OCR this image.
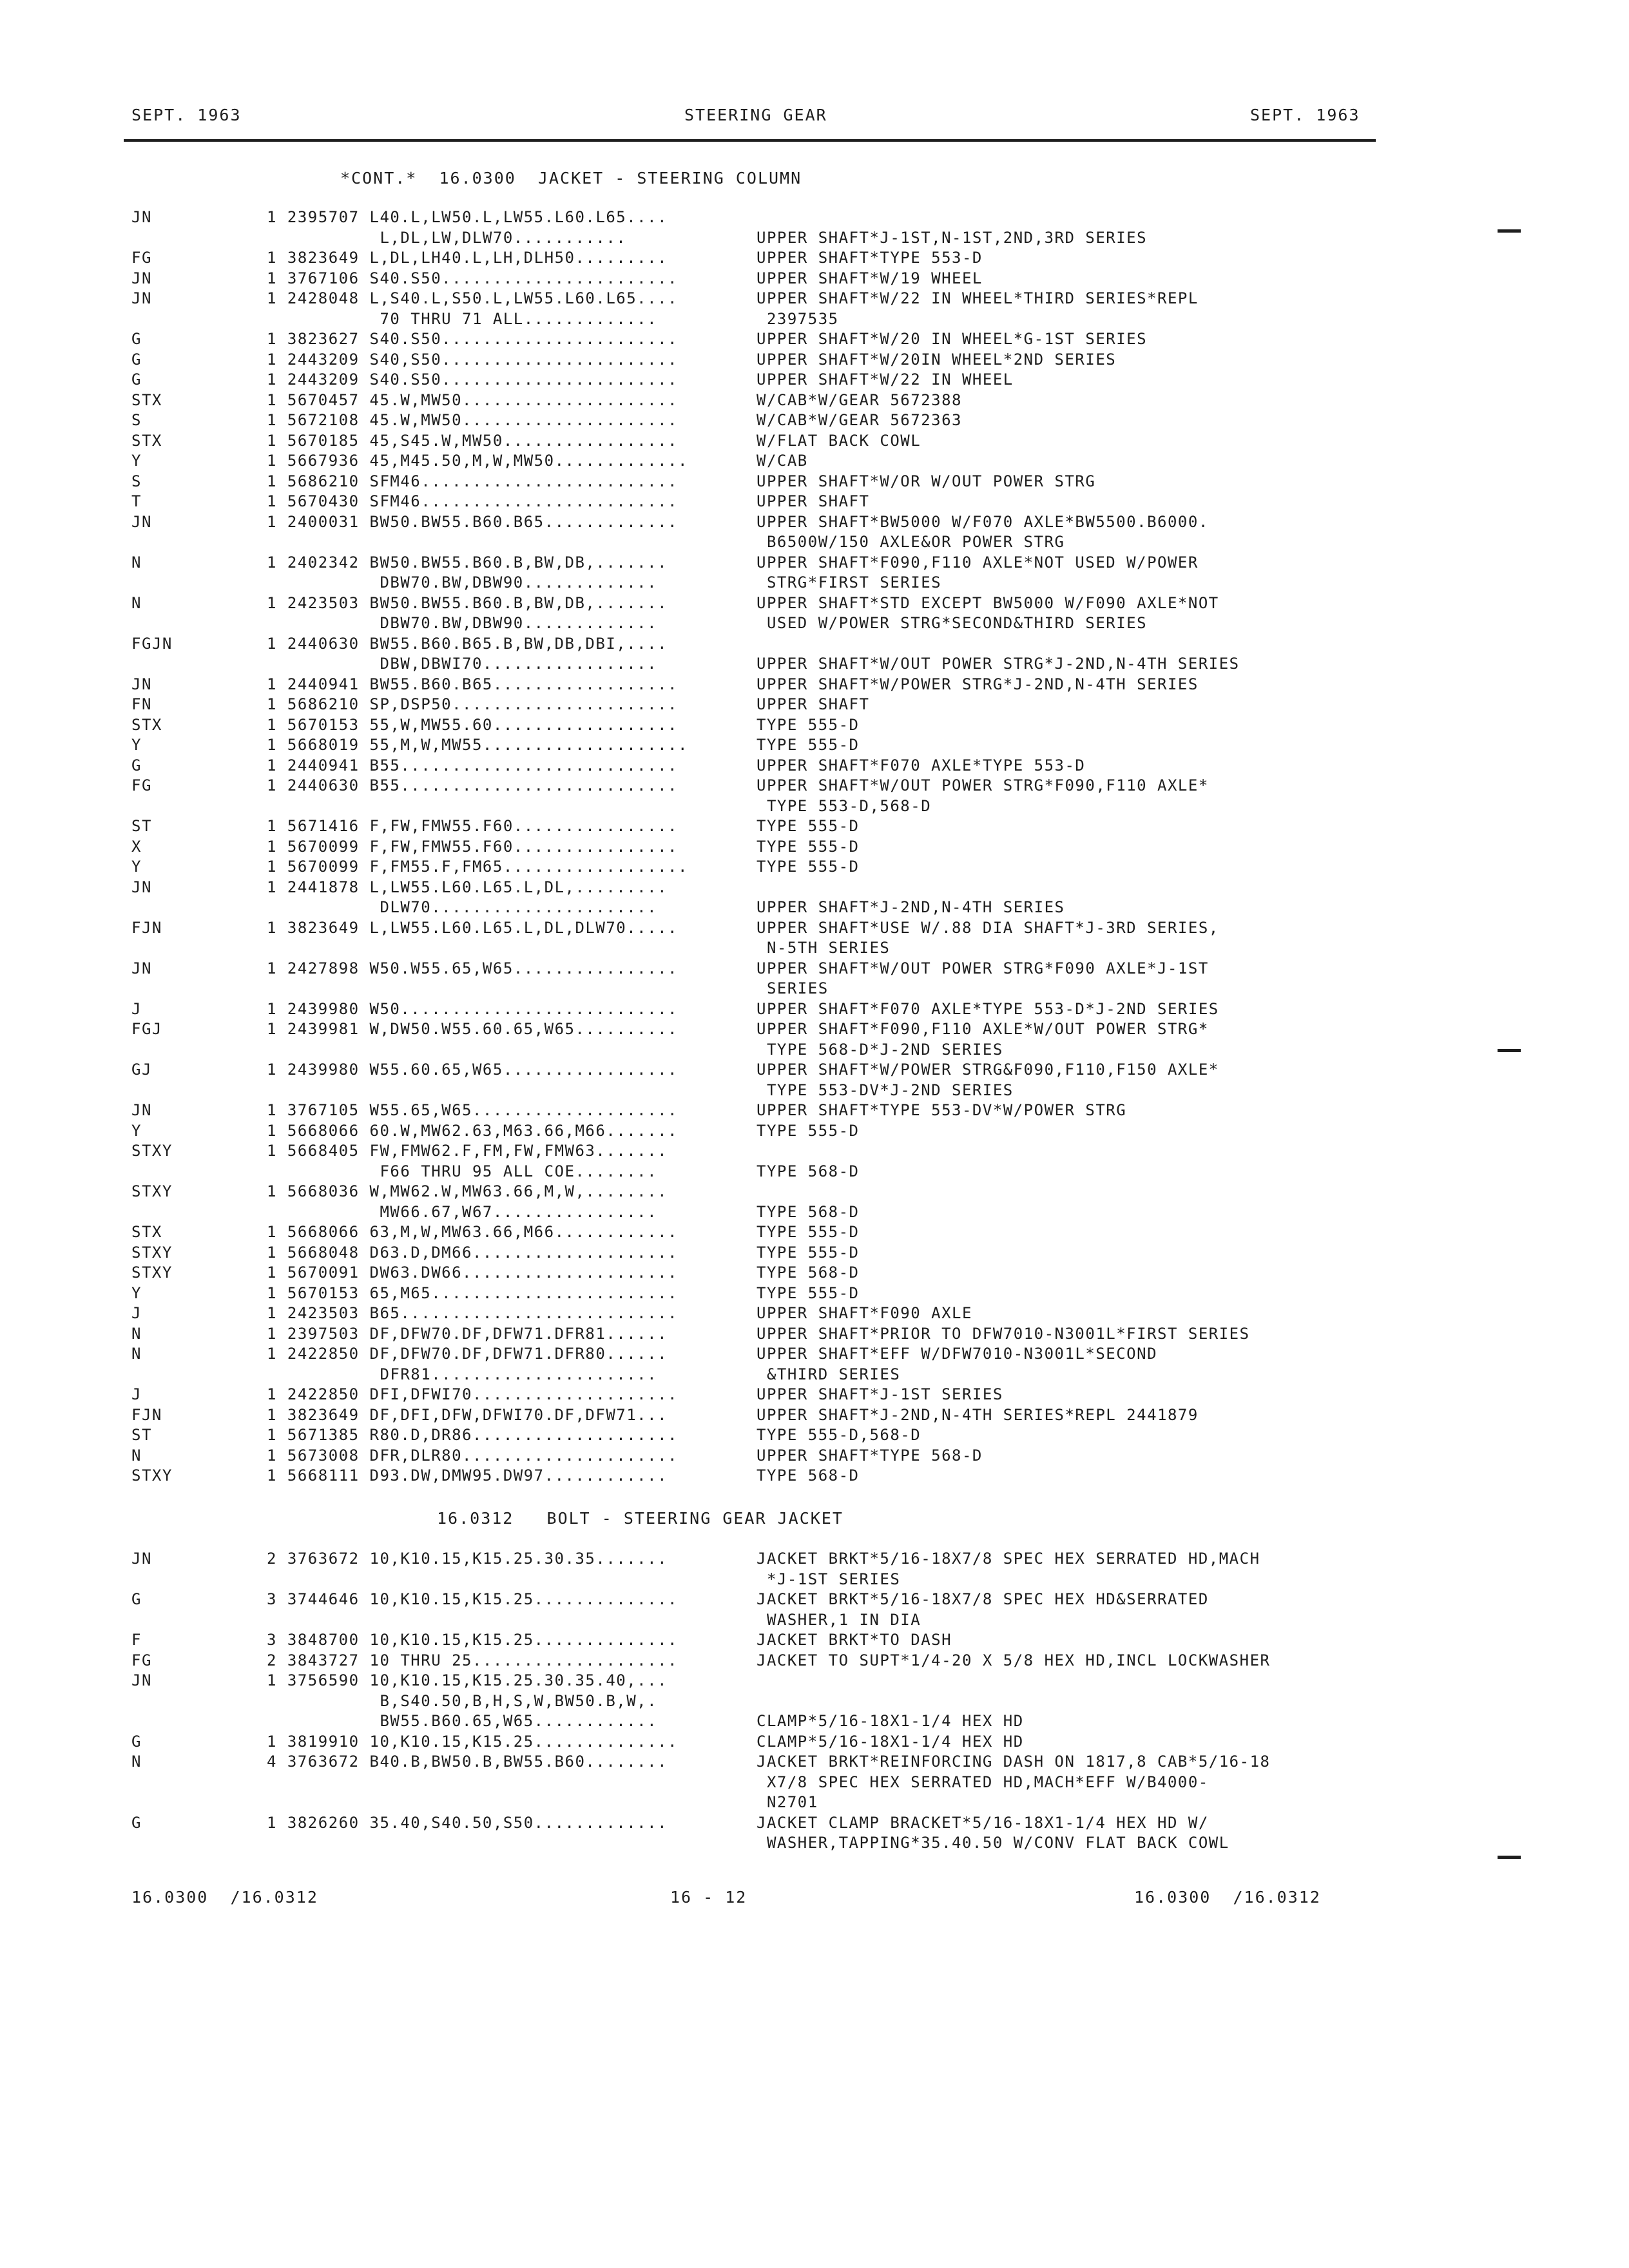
SEPT. 1963	STEERING GEAR	SEPT. 1963
*CONT.*  16.0300  JACKET - STEERING COLUMN
JN	1 2395707 L40.L,LW50.L,LW55.L60.L65....
L,DL,LW,DLW70...........	UPPER SHAFT*J-1ST,N-1ST,2ND,3RD SERIES
FG	1 3823649 L,DL,LH40.L,LH,DLH50.........	UPPER SHAFT*TYPE 553-D
JN	1 3767106 S40.S50.......................	UPPER SHAFT*W/19 WHEEL
JN	1 2428048 L,S40.L,S50.L,LW55.L60.L65....	UPPER SHAFT*W/22 IN WHEEL*THIRD SERIES*REPL
70 THRU 71 ALL.............	2397535
G	1 3823627 S40.S50.......................	UPPER SHAFT*W/20 IN WHEEL*G-1ST SERIES
G	1 2443209 S40,S50.......................	UPPER SHAFT*W/20IN WHEEL*2ND SERIES
G	1 2443209 S40.S50.......................	UPPER SHAFT*W/22 IN WHEEL
STX	1 5670457 45.W,MW50.....................	W/CAB*W/GEAR 5672388
S	1 5672108 45.W,MW50.....................	W/CAB*W/GEAR 5672363
STX	1 5670185 45,S45.W,MW50.................	W/FLAT BACK COWL
Y	1 5667936 45,M45.50,M,W,MW50.............	W/CAB
S	1 5686210 SFM46.........................	UPPER SHAFT*W/OR W/OUT POWER STRG
T	1 5670430 SFM46.........................	UPPER SHAFT
JN	1 2400031 BW50.BW55.B60.B65.............	UPPER SHAFT*BW5000 W/F070 AXLE*BW5500.B6000.
B6500W/150 AXLE&OR POWER STRG
N	1 2402342 BW50.BW55.B60.B,BW,DB,.......	UPPER SHAFT*F090,F110 AXLE*NOT USED W/POWER
DBW70.BW,DBW90.............	STRG*FIRST SERIES
N	1 2423503 BW50.BW55.B60.B,BW,DB,.......	UPPER SHAFT*STD EXCEPT BW5000 W/F090 AXLE*NOT
DBW70.BW,DBW90.............	USED W/POWER STRG*SECOND&THIRD SERIES
FGJN	1 2440630 BW55.B60.B65.B,BW,DB,DBI,....
DBW,DBWI70.................	UPPER SHAFT*W/OUT POWER STRG*J-2ND,N-4TH SERIES
JN	1 2440941 BW55.B60.B65..................	UPPER SHAFT*W/POWER STRG*J-2ND,N-4TH SERIES
FN	1 5686210 SP,DSP50......................	UPPER SHAFT
STX	1 5670153 55,W,MW55.60..................	TYPE 555-D
Y	1 5668019 55,M,W,MW55....................	TYPE 555-D
G	1 2440941 B55...........................	UPPER SHAFT*F070 AXLE*TYPE 553-D
FG	1 2440630 B55...........................	UPPER SHAFT*W/OUT POWER STRG*F090,F110 AXLE*
TYPE 553-D,568-D
ST	1 5671416 F,FW,FMW55.F60................	TYPE 555-D
X	1 5670099 F,FW,FMW55.F60................	TYPE 555-D
Y	1 5670099 F,FM55.F,FM65..................	TYPE 555-D
JN	1 2441878 L,LW55.L60.L65.L,DL,.........
DLW70......................	UPPER SHAFT*J-2ND,N-4TH SERIES
FJN	1 3823649 L,LW55.L60.L65.L,DL,DLW70.....	UPPER SHAFT*USE W/.88 DIA SHAFT*J-3RD SERIES,
N-5TH SERIES
JN	1 2427898 W50.W55.65,W65................	UPPER SHAFT*W/OUT POWER STRG*F090 AXLE*J-1ST
SERIES
J	1 2439980 W50...........................	UPPER SHAFT*F070 AXLE*TYPE 553-D*J-2ND SERIES
FGJ	1 2439981 W,DW50.W55.60.65,W65..........	UPPER SHAFT*F090,F110 AXLE*W/OUT POWER STRG*
TYPE 568-D*J-2ND SERIES
GJ	1 2439980 W55.60.65,W65.................	UPPER SHAFT*W/POWER STRG&F090,F110,F150 AXLE*
TYPE 553-DV*J-2ND SERIES
JN	1 3767105 W55.65,W65....................	UPPER SHAFT*TYPE 553-DV*W/POWER STRG
Y	1 5668066 60.W,MW62.63,M63.66,M66.......	TYPE 555-D
STXY	1 5668405 FW,FMW62.F,FM,FW,FMW63.......
F66 THRU 95 ALL COE........	TYPE 568-D
STXY	1 5668036 W,MW62.W,MW63.66,M,W,........
MW66.67,W67................	TYPE 568-D
STX	1 5668066 63,M,W,MW63.66,M66............	TYPE 555-D
STXY	1 5668048 D63.D,DM66....................	TYPE 555-D
STXY	1 5670091 DW63.DW66.....................	TYPE 568-D
Y	1 5670153 65,M65........................	TYPE 555-D
J	1 2423503 B65...........................	UPPER SHAFT*F090 AXLE
N	1 2397503 DF,DFW70.DF,DFW71.DFR81......	UPPER SHAFT*PRIOR TO DFW7010-N3001L*FIRST SERIES
N	1 2422850 DF,DFW70.DF,DFW71.DFR80......	UPPER SHAFT*EFF W/DFW7010-N3001L*SECOND
DFR81......................	&THIRD SERIES
J	1 2422850 DFI,DFWI70....................	UPPER SHAFT*J-1ST SERIES
FJN	1 3823649 DF,DFI,DFW,DFWI70.DF,DFW71...	UPPER SHAFT*J-2ND,N-4TH SERIES*REPL 2441879
ST	1 5671385 R80.D,DR86....................	TYPE 555-D,568-D
N	1 5673008 DFR,DLR80.....................	UPPER SHAFT*TYPE 568-D
STXY	1 5668111 D93.DW,DMW95.DW97............	TYPE 568-D
16.0312   BOLT - STEERING GEAR JACKET
JN	2 3763672 10,K10.15,K15.25.30.35.......	JACKET BRKT*5/16-18X7/8 SPEC HEX SERRATED HD,MACH
*J-1ST SERIES
G	3 3744646 10,K10.15,K15.25..............	JACKET BRKT*5/16-18X7/8 SPEC HEX HD&SERRATED
WASHER,1 IN DIA
F	3 3848700 10,K10.15,K15.25..............	JACKET BRKT*TO DASH
FG	2 3843727 10 THRU 25....................	JACKET TO SUPT*1/4-20 X 5/8 HEX HD,INCL LOCKWASHER
JN	1 3756590 10,K10.15,K15.25.30.35.40,...
B,S40.50,B,H,S,W,BW50.B,W,.
BW55.B60.65,W65............	CLAMP*5/16-18X1-1/4 HEX HD
G	1 3819910 10,K10.15,K15.25..............	CLAMP*5/16-18X1-1/4 HEX HD
N	4 3763672 B40.B,BW50.B,BW55.B60........	JACKET BRKT*REINFORCING DASH ON 1817,8 CAB*5/16-18
X7/8 SPEC HEX SERRATED HD,MACH*EFF W/B4000-
N2701
G	1 3826260 35.40,S40.50,S50.............	JACKET CLAMP BRACKET*5/16-18X1-1/4 HEX HD W/
WASHER,TAPPING*35.40.50 W/CONV FLAT BACK COWL
16.0300  /16.0312	16 - 12	16.0300  /16.0312
